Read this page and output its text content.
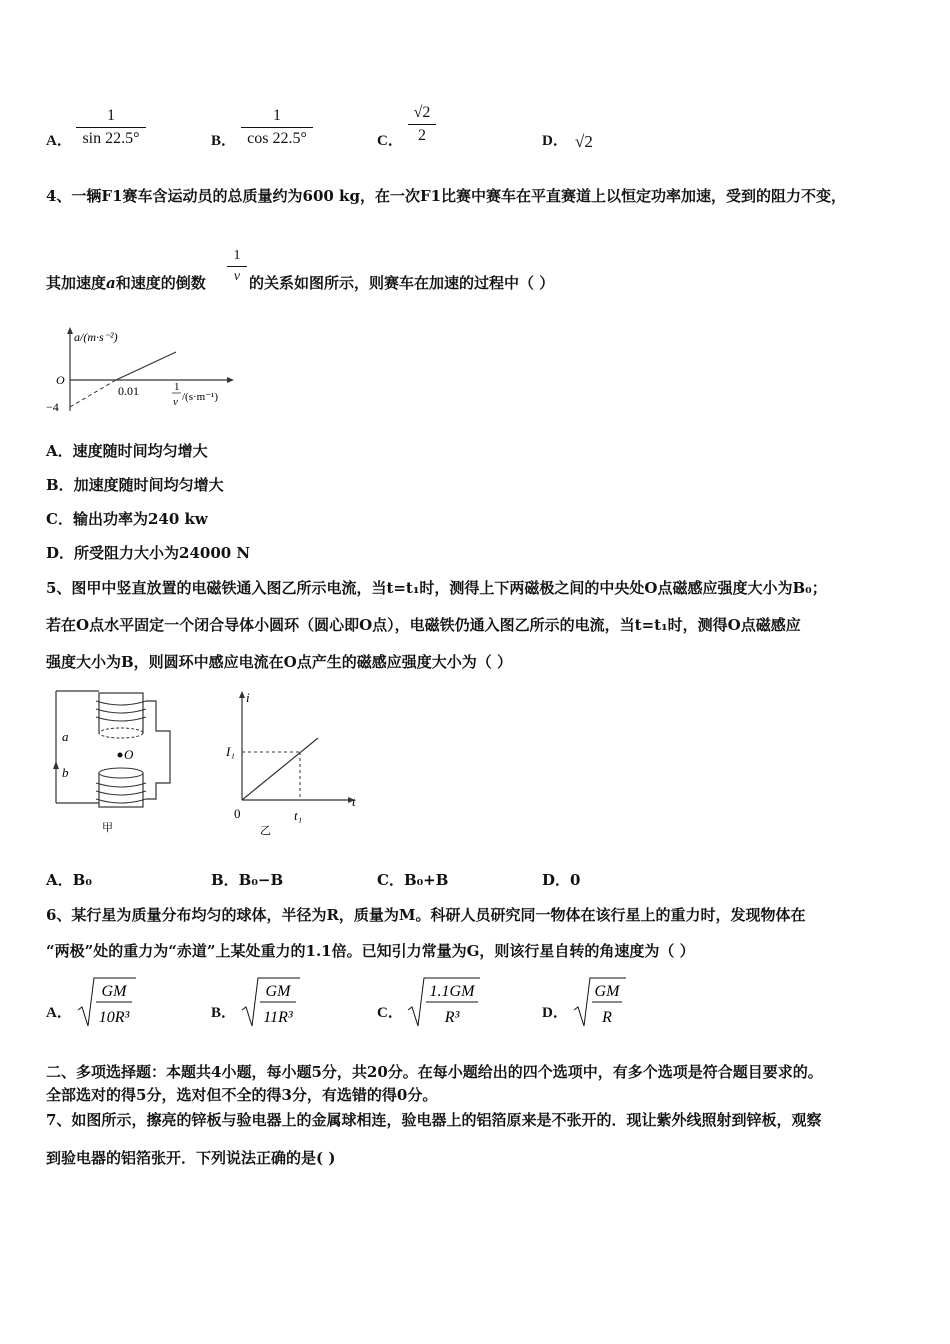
A．
1
sin 22.5°	B．
1
cos 22.5°	C．
√2
2	D． √2
4、一辆F1赛车含运动员的总质量约为600 kg，在一次F1比赛中赛车在平直赛道上以恒定功率加速，受到的阻力不变，
其加速度a和速度的倒数
1
v 的关系如图所示，则赛车在加速的过程中（ ）
a/(m·s⁻²)
O
−4
0.01	1
v /(s·m⁻¹)
A．速度随时间均匀增大
B．加速度随时间均匀增大
C．输出功率为240 kw
D．所受阻力大小为24000 N
5、图甲中竖直放置的电磁铁通入图乙所示电流，当t=t₁时，测得上下两磁极之间的中央处O点磁感应强度大小为B₀；
若在O点水平固定一个闭合导体小圆环（圆心即O点），电磁铁仍通入图乙所示的电流，当t=t₁时，测得O点磁感应
强度大小为B，则圆环中感应电流在O点产生的磁感应强度大小为（ ）
O
a
b
甲
i
I₁
0
t
t₁
乙
A．B₀	B．B₀−B	C．B₀+B	D．0
6、某行星为质量分布均匀的球体，半径为R，质量为M。科研人员研究同一物体在该行星上的重力时，发现物体在
“两极”处的重力为“赤道”上某处重力的1.1倍。已知引力常量为G，则该行星自转的角速度为（ ）
A．
GM
10R³	B．
GM
11R³	C．
1.1GM
R³	D．
GM
R
二、多项选择题：本题共4小题，每小题5分，共20分。在每小题给出的四个选项中，有多个选项是符合题目要求的。
全部选对的得5分，选对但不全的得3分，有选错的得0分。
7、如图所示，擦亮的锌板与验电器上的金属球相连，验电器上的铝箔原来是不张开的．现让紫外线照射到锌板，观察
到验电器的铝箔张开．下列说法正确的是( )
